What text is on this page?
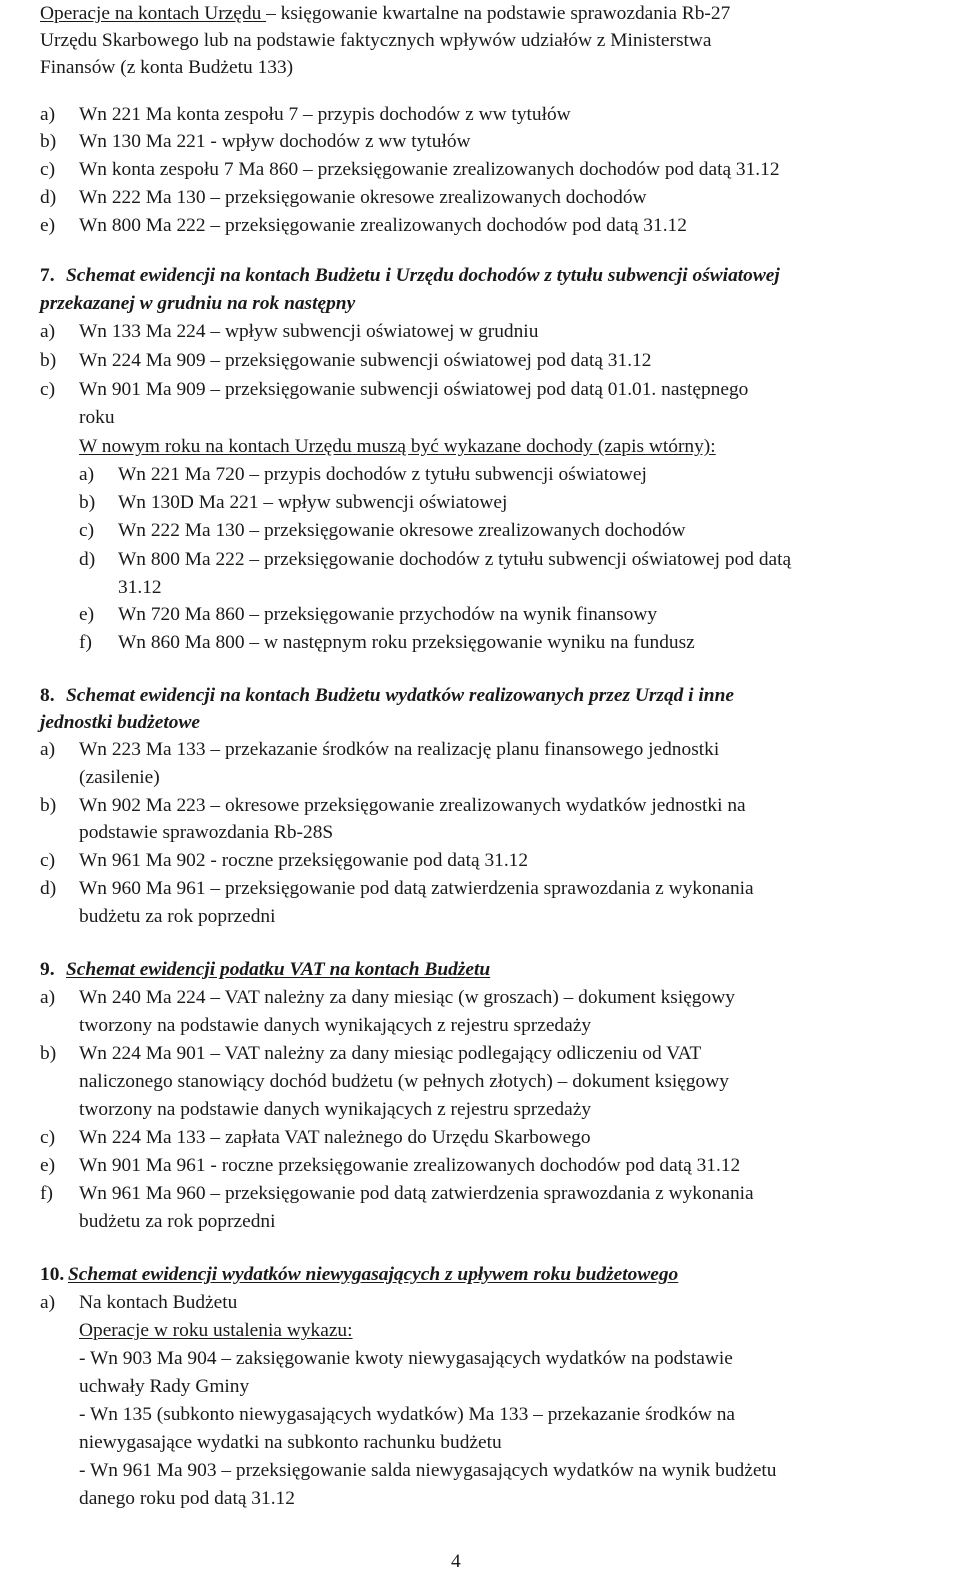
Operacje na kontach Urzędu – księgowanie kwartalne na podstawie sprawozdania Rb-27
Urzędu Skarbowego lub na podstawie faktycznych wpływów udziałów z Ministerstwa
Finansów (z konta Budżetu 133)
a) Wn 221 Ma konta zespołu 7 – przypis dochodów z ww tytułów
b) Wn 130 Ma 221 - wpływ dochodów z ww tytułów
c) Wn konta zespołu 7 Ma 860 – przeksięgowanie zrealizowanych dochodów pod datą 31.12
d) Wn 222 Ma 130 – przeksięgowanie okresowe zrealizowanych dochodów
e) Wn 800 Ma 222 – przeksięgowanie zrealizowanych dochodów pod datą 31.12
7. Schemat ewidencji na kontach Budżetu i Urzędu dochodów z tytułu subwencji oświatowej
przekazanej w grudniu na rok następny
a) Wn 133 Ma 224 – wpływ subwencji oświatowej w grudniu
b) Wn 224 Ma 909 – przeksięgowanie subwencji oświatowej pod datą 31.12
c) Wn 901 Ma 909 – przeksięgowanie subwencji oświatowej pod datą 01.01. następnego
roku
W nowym roku na kontach Urzędu muszą być wykazane dochody (zapis wtórny):
a) Wn 221 Ma 720 – przypis dochodów z tytułu subwencji oświatowej
b) Wn 130D Ma 221 – wpływ subwencji oświatowej
c) Wn 222 Ma 130 – przeksięgowanie okresowe zrealizowanych dochodów
d) Wn 800 Ma 222 – przeksięgowanie dochodów z tytułu subwencji oświatowej pod datą
31.12
e) Wn 720 Ma 860 – przeksięgowanie przychodów na wynik finansowy
f) Wn 860 Ma 800 – w następnym roku przeksięgowanie wyniku na fundusz
8. Schemat ewidencji na kontach Budżetu wydatków realizowanych przez Urząd i inne
jednostki budżetowe
a) Wn 223 Ma 133 – przekazanie środków na realizację planu finansowego jednostki
(zasilenie)
b) Wn 902 Ma 223 – okresowe przeksięgowanie zrealizowanych wydatków jednostki na
podstawie sprawozdania Rb-28S
c) Wn 961 Ma 902 - roczne przeksięgowanie pod datą 31.12
d) Wn 960 Ma 961 – przeksięgowanie pod datą zatwierdzenia sprawozdania z wykonania
budżetu za rok poprzedni
9. Schemat ewidencji podatku VAT na kontach Budżetu
a) Wn 240 Ma 224 – VAT należny za dany miesiąc (w groszach) – dokument księgowy
tworzony na podstawie danych wynikających z rejestru sprzedaży
b) Wn 224 Ma 901 – VAT należny za dany miesiąc podlegający odliczeniu od VAT
naliczonego stanowiący dochód budżetu (w pełnych złotych) – dokument księgowy
tworzony na podstawie danych wynikających z rejestru sprzedaży
c) Wn 224 Ma 133 – zapłata VAT należnego do Urzędu Skarbowego
e) Wn 901 Ma 961 - roczne przeksięgowanie zrealizowanych dochodów pod datą 31.12
f) Wn 961 Ma 960 – przeksięgowanie pod datą zatwierdzenia sprawozdania z wykonania
budżetu za rok poprzedni
10. Schemat ewidencji wydatków niewygasających z upływem roku budżetowego
a) Na kontach Budżetu
Operacje w roku ustalenia wykazu:
- Wn 903 Ma 904 – zaksięgowanie kwoty niewygasających wydatków na podstawie
uchwały Rady Gminy
- Wn 135 (subkonto niewygasających wydatków) Ma 133 – przekazanie środków na
niewygasające wydatki na subkonto rachunku budżetu
- Wn 961 Ma 903 – przeksięgowanie salda niewygasających wydatków na wynik budżetu
danego roku pod datą 31.12
4
